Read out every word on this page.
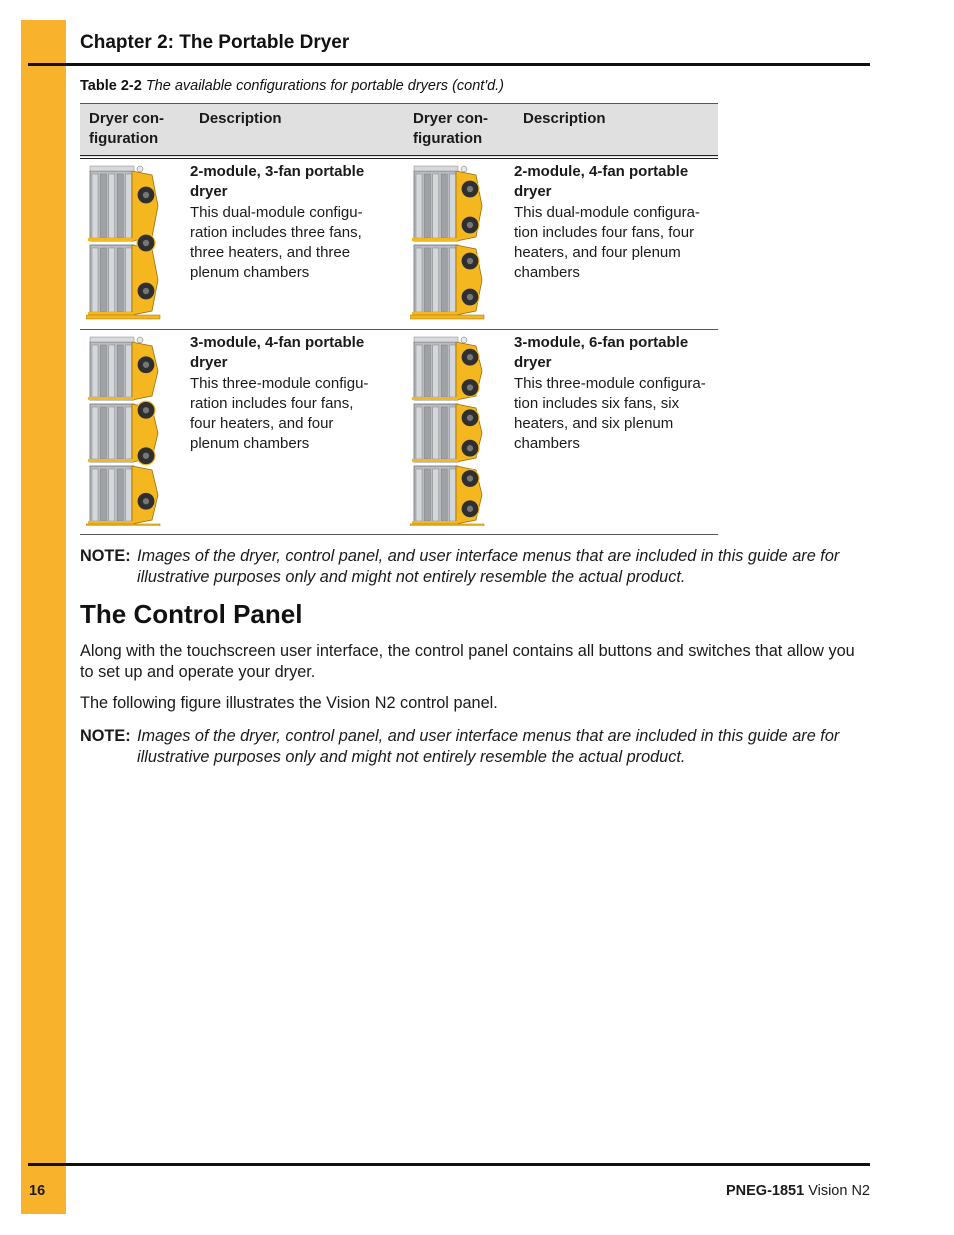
Chapter 2: The Portable Dryer
Table 2-2 The available configurations for portable dryers (cont'd.)
Dryer con-
figuration	Description	Dryer con-
figuration	Description

2-module, 3-fan portable dryer
This dual-module configu-
ration includes three fans,
three heaters, and three
plenum chambers		2-module, 4-fan portable dryer
This dual-module configura-
tion includes four fans, four
heaters, and four plenum
chambers

3-module, 4-fan portable dryer
This three-module configu-
ration includes four fans,
four heaters, and four
plenum chambers		3-module, 6-fan portable dryer
This three-module configura-
tion includes six fans, six
heaters, and six plenum
chambers
NOTE: Images of the dryer, control panel, and user interface menus that are included in this guide are for illustrative purposes only and might not entirely resemble the actual product.
The Control Panel
Along with the touchscreen user interface, the control panel contains all buttons and switches that allow you to set up and operate your dryer.
The following figure illustrates the Vision N2 control panel.
NOTE: Images of the dryer, control panel, and user interface menus that are included in this guide are for illustrative purposes only and might not entirely resemble the actual product.
16	PNEG-1851 Vision N2
